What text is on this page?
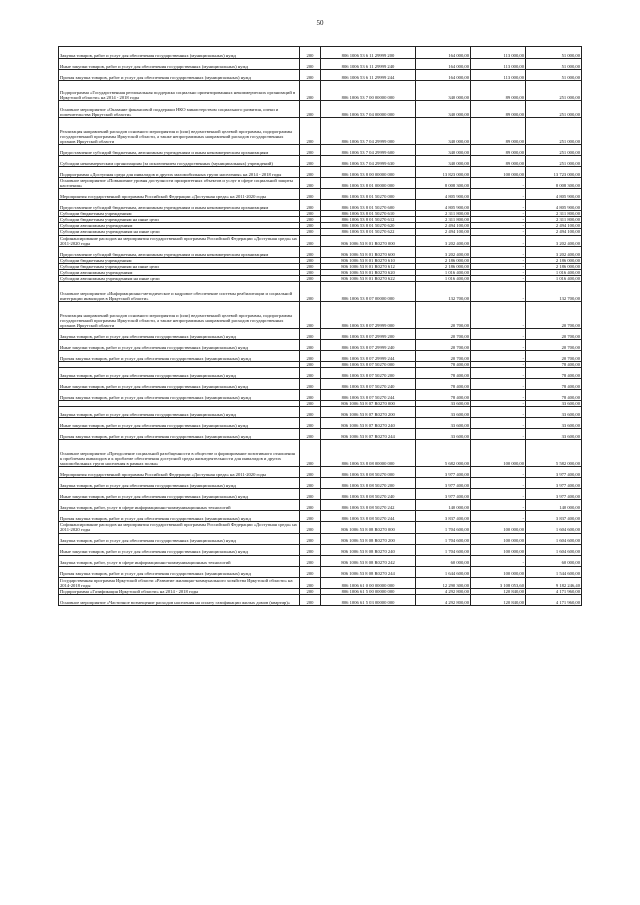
50
Закупка товаров, работ и услуг для обеспечения государственных (муниципальных) нужд	200	806 1006 53 6 11 29999 200	164 000,00	113 000,00	51 000,00
Иные закупки товаров, работ и услуг для обеспечения государственных (муниципальных) нужд	200	806 1006 53 6 11 29999 240	164 000,00	113 000,00	51 000,00
Прочая закупка товаров, работ и услуг для обеспечения государственных (муниципальных) нужд	200	806 1006 53 6 11 29999 244	164 000,00	113 000,00	51 000,00
Подпрограмма «Государственная региональная поддержка социально ориентированных некоммерческих организаций в Иркутской области» на 2014 - 2018 годы	200	806 1006 53 7 00 00000 000	340 000,00	89 000,00	251 000,00
Основное мероприятие «Оказание финансовой поддержки НКО министерством социального развития, опеки и попечительства Иркутской области»	200	806 1006 53 7 04 00000 000	340 000,00	89 000,00	251 000,00
Реализация направлений расходов основного мероприятия и (или) ведомственной целевой программы, подпрограммы государственной программы Иркутской области, а также непрограммных направлений расходов государственных органов Иркутской области	200	806 1006 53 7 04 29999 000	340 000,00	89 000,00	251 000,00
Предоставление субсидий бюджетным, автономным учреждениям и иным некоммерческим организациям	200	806 1006 53 7 04 29999 600	340 000,00	89 000,00	251 000,00
Субсидии некоммерческим организациям (за исключением государственных (муниципальных) учреждений)	200	806 1006 53 7 04 29999 630	340 000,00	89 000,00	251 000,00
Подпрограмма «Доступная среда для инвалидов и других маломобильных групп населения» на 2014 - 2018 годы	200	806 1006 53 8 00 00000 000	13 823 000,00	100 000,00	13 723 000,00
Основное мероприятие «Повышение уровня доступности приоритетных объектов и услуг в сфере социальной защиты населения»	200	806 1006 53 8 01 00000 000	8 008 300,00	-	8 008 300,00
Мероприятия государственной программы Российской Федерации «Доступная среда» на 2011-2020 годы	200	806 1006 53 8 01 50270 000	4 805 900,00	-	4 805 900,00
Предоставление субсидий бюджетным, автономным учреждениям и иным некоммерческим организациям	200	806 1006 53 8 01 50270 600	4 805 900,00	-	4 805 900,00
Субсидии бюджетным учреждениям	200	806 1006 53 8 01 50270 610	2 311 800,00	-	2 311 800,00
Субсидии бюджетным учреждениям на иные цели	200	806 1006 53 8 01 50270 612	2 311 800,00	-	2 311 800,00
Субсидии автономным учреждениям	200	806 1006 53 8 01 50270 620	2 494 100,00	-	2 494 100,00
Субсидии автономным учреждениям на иные цели	200	806 1006 53 8 01 50270 622	2 494 100,00	-	2 494 100,00
Софинансирование расходов на мероприятия государственной программы Российской Федерации «Доступная среда» на 2011-2020 годы	200	806 1006 53 8 01 R0270 000	3 202 400,00	-	3 202 400,00
Предоставление субсидий бюджетным, автономным учреждениям и иным некоммерческим организациям	200	806 1006 53 8 01 R0270 600	3 202 400,00	-	3 202 400,00
Субсидии бюджетным учреждениям	200	806 1006 53 8 01 R0270 610	2 186 000,00	-	2 186 000,00
Субсидии бюджетным учреждениям на иные цели	200	806 1006 53 8 01 R0270 612	2 186 000,00	-	2 186 000,00
Субсидии автономным учреждениям	200	806 1006 53 8 01 R0270 620	1 016 400,00	-	1 016 400,00
Субсидии автономным учреждениям на иные цели	200	806 1006 53 8 01 R0270 622	1 016 400,00	-	1 016 400,00
Основное мероприятие «Информационно-методическое и кадровое обеспечение системы реабилитации и социальной интеграции инвалидов в Иркутской области»	200	806 1006 53 8 07 00000 000	132 700,00	-	132 700,00
Реализация направлений расходов основного мероприятия и (или) ведомственной целевой программы, подпрограммы государственной программы Иркутской области, а также непрограммных направлений расходов государственных органов Иркутской области	200	806 1006 53 8 07 29999 000	20 700,00	-	20 700,00
Закупка товаров, работ и услуг для обеспечения государственных (муниципальных) нужд	200	806 1006 53 8 07 29999 200	20 700,00	-	20 700,00
Иные закупки товаров, работ и услуг для обеспечения государственных (муниципальных) нужд	200	806 1006 53 8 07 29999 240	20 700,00	-	20 700,00
Прочая закупка товаров, работ и услуг для обеспечения государственных (муниципальных) нужд	200	806 1006 53 8 07 29999 244	20 700,00	-	20 700,00
	200	806 1006 53 8 07 50270 000	78 400,00	-	78 400,00
Закупка товаров, работ и услуг для обеспечения государственных (муниципальных) нужд	200	806 1006 53 8 07 50270 200	78 400,00	-	78 400,00
Иные закупки товаров, работ и услуг для обеспечения государственных (муниципальных) нужд	200	806 1006 53 8 07 50270 240	78 400,00	-	78 400,00
Прочая закупка товаров, работ и услуг для обеспечения государственных (муниципальных) нужд	200	806 1006 53 8 07 50270 244	78 400,00	-	78 400,00
	200	806 1006 53 8 07 R0270 000	33 600,00	-	33 600,00
Закупка товаров, работ и услуг для обеспечения государственных (муниципальных) нужд	200	806 1006 53 8 07 R0270 200	33 600,00	-	33 600,00
Иные закупки товаров, работ и услуг для обеспечения государственных (муниципальных) нужд	200	806 1006 53 8 07 R0270 240	33 600,00	-	33 600,00
Прочая закупка товаров, работ и услуг для обеспечения государственных (муниципальных) нужд	200	806 1006 53 8 07 R0270 244	33 600,00	-	33 600,00
Основное мероприятие «Преодоление социальной разобщенности в обществе и формирование позитивного отношения к проблемам инвалидов и к проблеме обеспечения доступной среды жизнедеятельности для инвалидов и других маломобильных групп населения в рамках полка»	200	806 1006 53 8 08 00000 000	5 682 000,00	100 000,00	5 582 000,00
Мероприятия государственной программы Российской Федерации «Доступная среда» на 2011-2020 годы	200	806 1006 53 8 08 50270 000	3 977 400,00	-	3 977 400,00
Закупка товаров, работ и услуг для обеспечения государственных (муниципальных) нужд	200	806 1006 53 8 08 50270 200	3 977 400,00	-	3 977 400,00
Иные закупки товаров, работ и услуг для обеспечения государственных (муниципальных) нужд	200	806 1006 53 8 08 50270 240	3 977 400,00	-	3 977 400,00
Закупка товаров, работ, услуг в сфере информационно-коммуникационных технологий	200	806 1006 53 8 08 50270 242	140 000,00	-	140 000,00
Прочая закупка товаров, работ и услуг для обеспечения государственных (муниципальных) нужд	200	806 1006 53 8 08 50270 244	3 837 400,00	-	3 837 400,00
Софинансирование расходов на мероприятия государственной программы Российской Федерации «Доступная среда» на 2011-2020 годы	200	806 1006 53 8 08 R0270 000	1 704 600,00	100 000,00	1 604 600,00
Закупка товаров, работ и услуг для обеспечения государственных (муниципальных) нужд	200	806 1006 53 8 08 R0270 200	1 704 600,00	100 000,00	1 604 600,00
Иные закупки товаров, работ и услуг для обеспечения государственных (муниципальных) нужд	200	806 1006 53 8 08 R0270 240	1 704 600,00	100 000,00	1 604 600,00
Закупка товаров, работ, услуг в сфере информационно-коммуникационных технологий	200	806 1006 53 8 08 R0270 242	60 000,00	-	60 000,00
Прочая закупка товаров, работ и услуг для обеспечения государственных (муниципальных) нужд	200	806 1006 53 8 08 R0270 244	1 644 600,00	100 000,00	1 544 600,00
Государственная программа Иркутской области «Развитие жилищно-коммунального хозяйства Иркутской области» на 2014-2018 годы	200	806 1006 61 0 00 00000 000	12 290 300,00	3 108 053,60	9 182 246,40
Подпрограмма «Газификация Иркутской области» на 2014 - 2018 годы	200	806 1006 61 5 00 00000 000	4 292 800,00	120 840,00	4 171 960,00
Основное мероприятие «Частичное возмещение расходов населения на оплату газификации жилых домов (квартир)»	200	806 1006 61 5 03 00000 000	4 292 800,00	120 840,00	4 171 960,00
